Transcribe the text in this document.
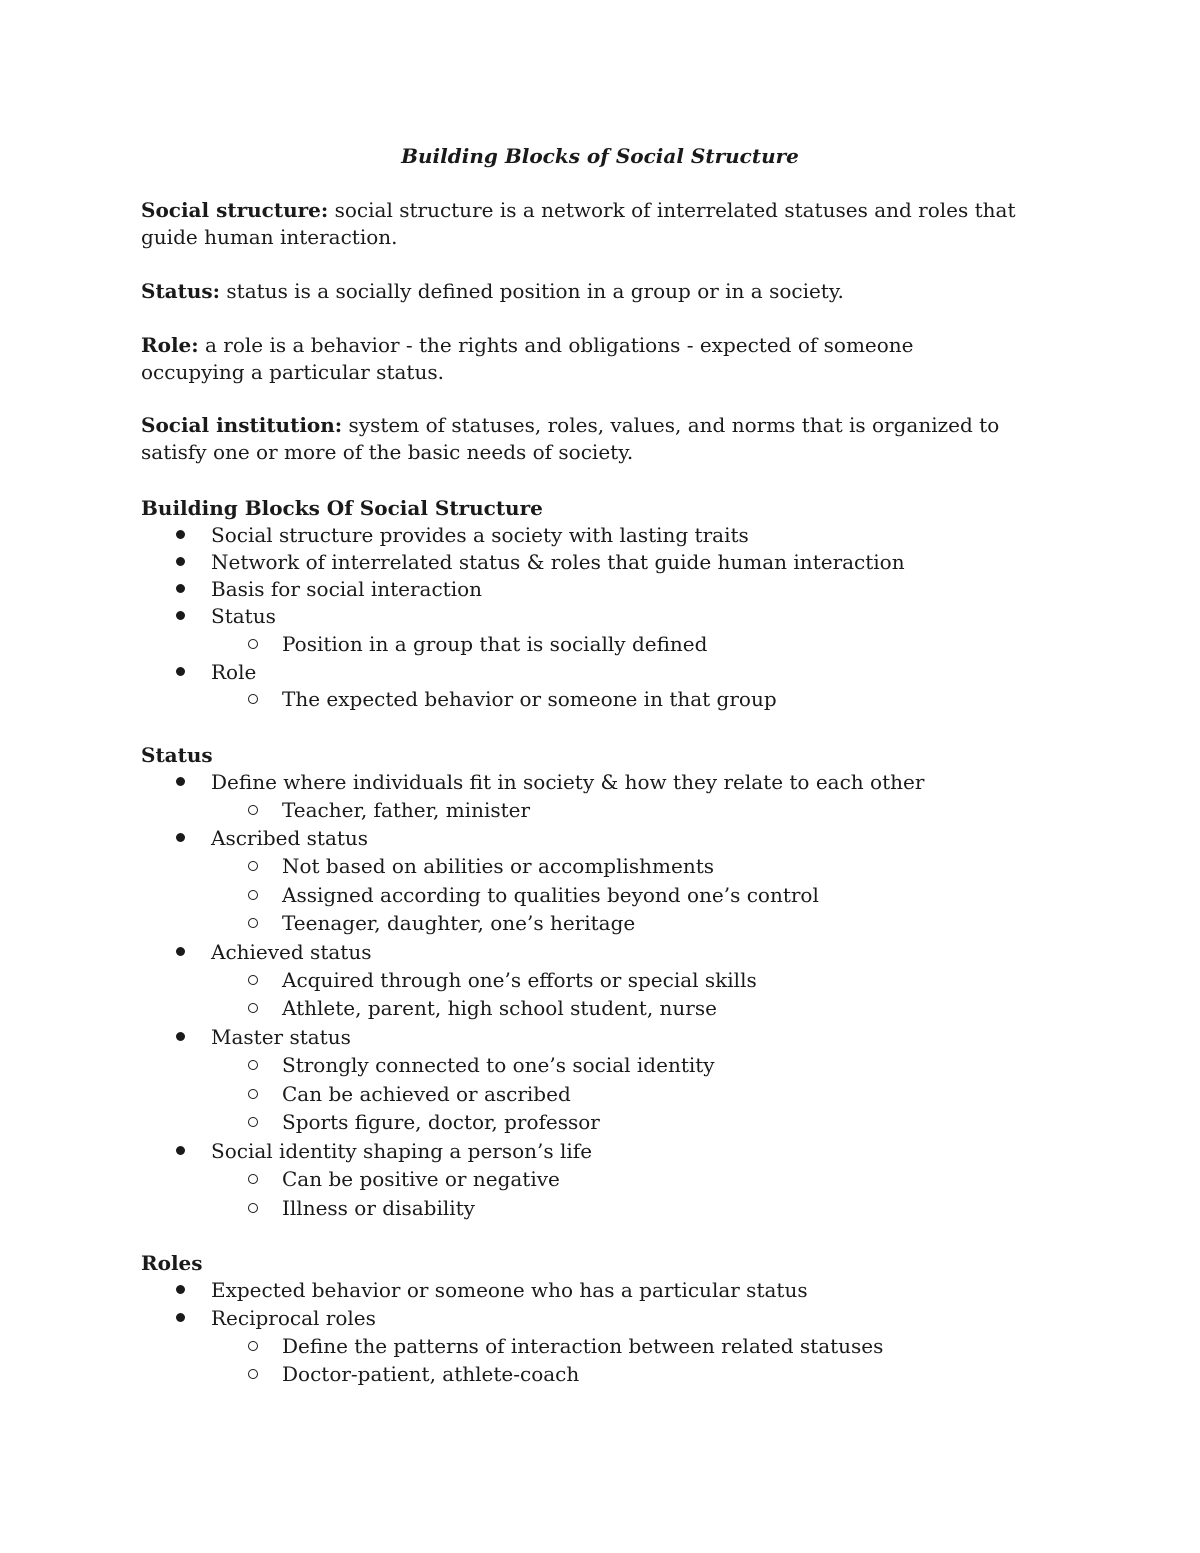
Building Blocks of Social Structure
Social structure: social structure is a network of interrelated statuses and roles that guide human interaction.
Status: status is a socially defined position in a group or in a society.
Role: a role is a behavior - the rights and obligations - expected of someone occupying a particular status.
Social institution: system of statuses, roles, values, and norms that is organized to satisfy one or more of the basic needs of society.
Building Blocks Of Social Structure
Social structure provides a society with lasting traits
Network of interrelated status & roles that guide human interaction
Basis for social interaction
Status
Position in a group that is socially defined
Role
The expected behavior or someone in that group
Status
Define where individuals fit in society & how they relate to each other
Teacher, father, minister
Ascribed status
Not based on abilities or accomplishments
Assigned according to qualities beyond one’s control
Teenager, daughter, one’s heritage
Achieved status
Acquired through one’s efforts or special skills
Athlete, parent, high school student, nurse
Master status
Strongly connected to one’s social identity
Can be achieved or ascribed
Sports figure, doctor, professor
Social identity shaping a person’s life
Can be positive or negative
Illness or disability
Roles
Expected behavior or someone who has a particular status
Reciprocal roles
Define the patterns of interaction between related statuses
Doctor-patient, athlete-coach
